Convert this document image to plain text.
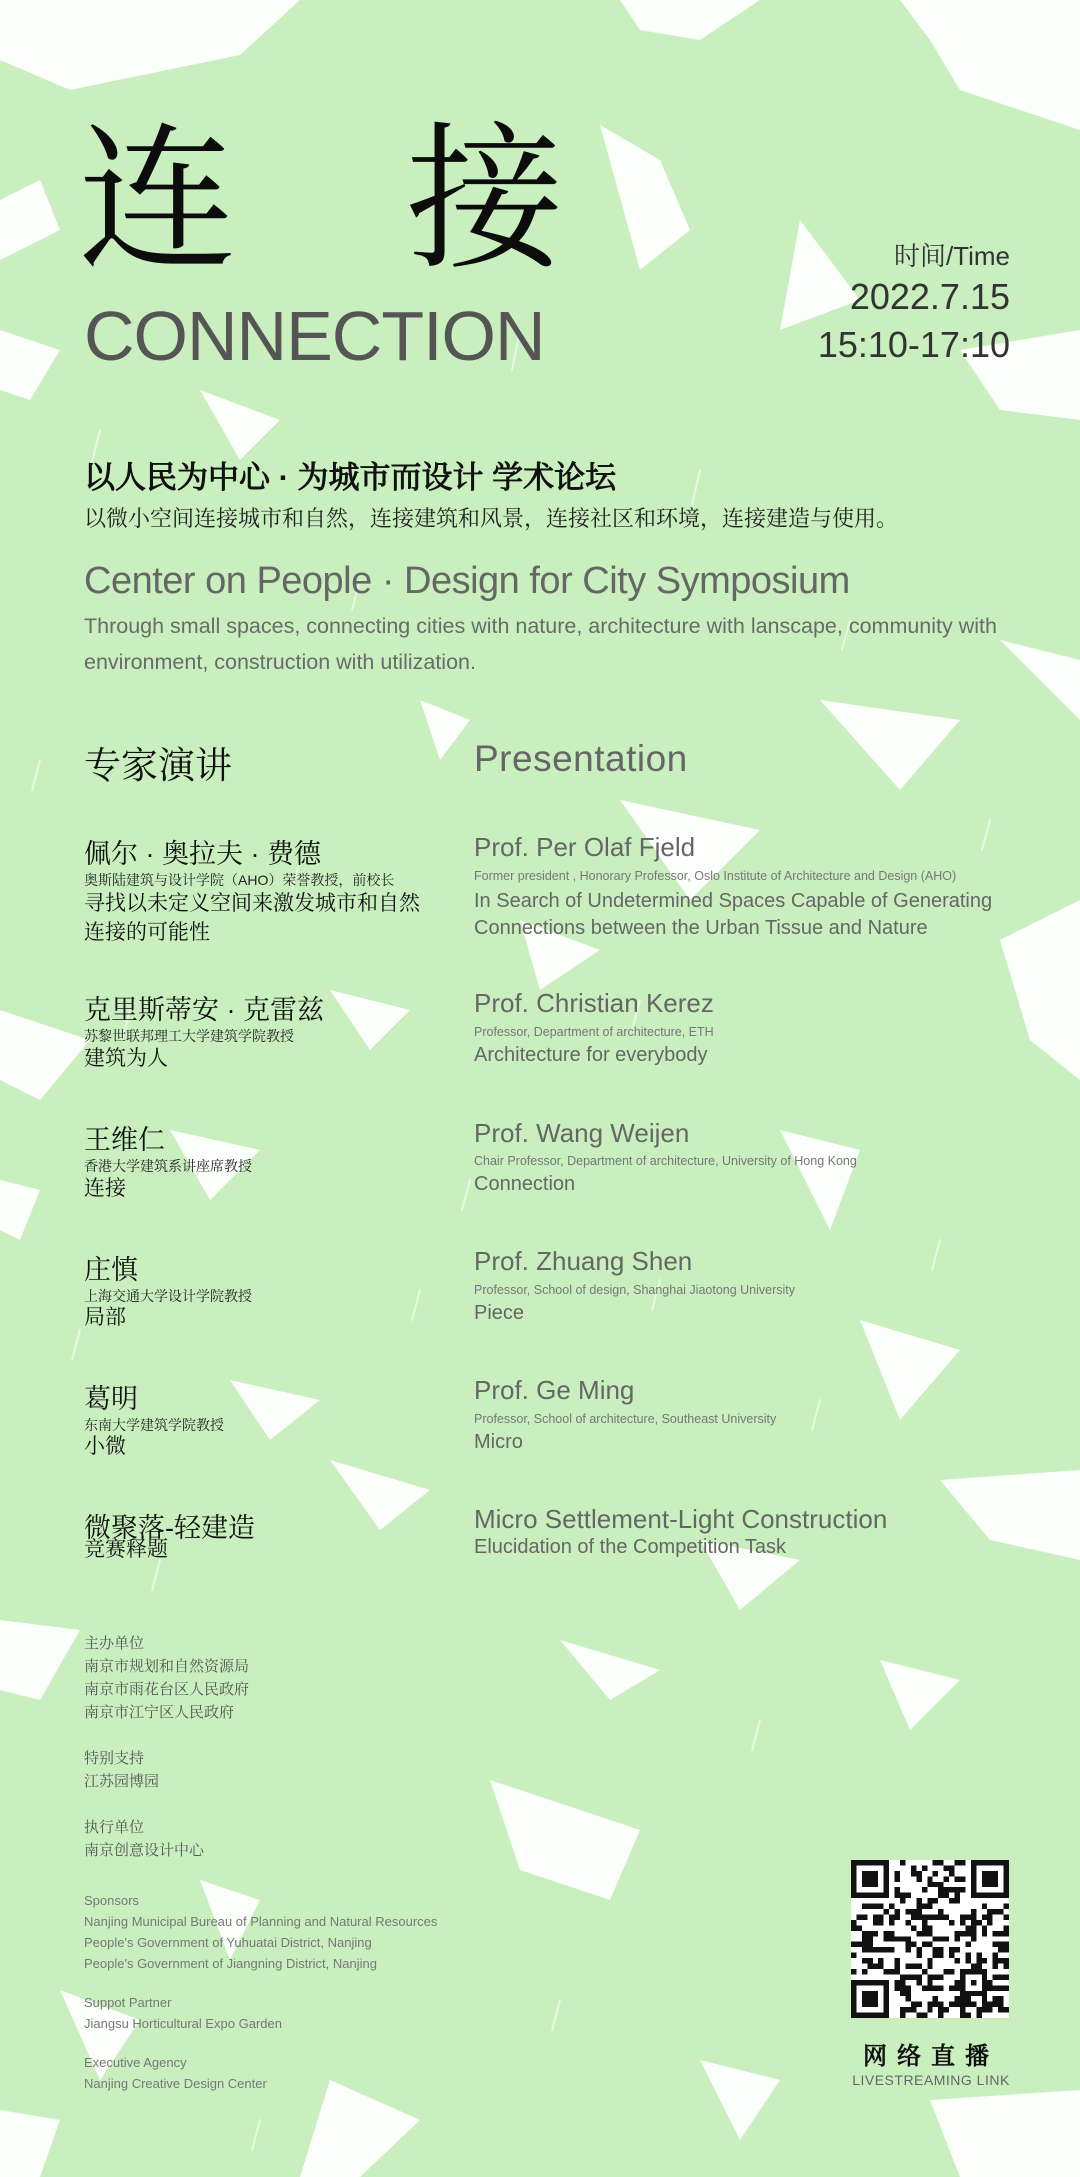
连 接
CONNECTION
时间/Time
2022.7.15
15:10-17:10
以人民为中心 · 为城市而设计 学术论坛
以微小空间连接城市和自然，连接建筑和风景，连接社区和环境，连接建造与使用。
Center on People · Design for City Symposium
Through small spaces, connecting cities with nature, architecture with lanscape, community with environment, construction with utilization.
专家演讲	Presentation
佩尔 · 奥拉夫 · 费德
奥斯陆建筑与设计学院（AHO）荣誉教授，前校长
寻找以未定义空间来激发城市和自然连接的可能性
Prof. Per Olaf Fjeld
Former president , Honorary Professor, Oslo Institute of Architecture and Design (AHO)
In Search of Undetermined Spaces Capable of Generating Connections between the Urban Tissue and Nature
克里斯蒂安 · 克雷兹
苏黎世联邦理工大学建筑学院教授
建筑为人
Prof. Christian Kerez
Professor, Department of architecture, ETH
Architecture for everybody
王维仁
香港大学建筑系讲座席教授
连接
Prof. Wang Weijen
Chair Professor, Department of architecture, University of Hong Kong
Connection
庄慎
上海交通大学设计学院教授
局部
Prof. Zhuang Shen
Professor, School of design, Shanghai Jiaotong University
Piece
葛明
东南大学建筑学院教授
小微
Prof. Ge Ming
Professor, School of architecture, Southeast University
Micro
微聚落-轻建造
竞赛释题
Micro Settlement-Light Construction
Elucidation of the Competition Task
主办单位
南京市规划和自然资源局
南京市雨花台区人民政府
南京市江宁区人民政府
特别支持
江苏园博园
执行单位
南京创意设计中心
Sponsors
Nanjing Municipal Bureau of Planning and Natural Resources
People's Government of Yuhuatai District, Nanjing
People's Government of Jiangning District, Nanjing
Suppot Partner
Jiangsu Horticultural Expo Garden
Executive Agency
Nanjing Creative Design Center
网络直播
LIVESTREAMING LINK
